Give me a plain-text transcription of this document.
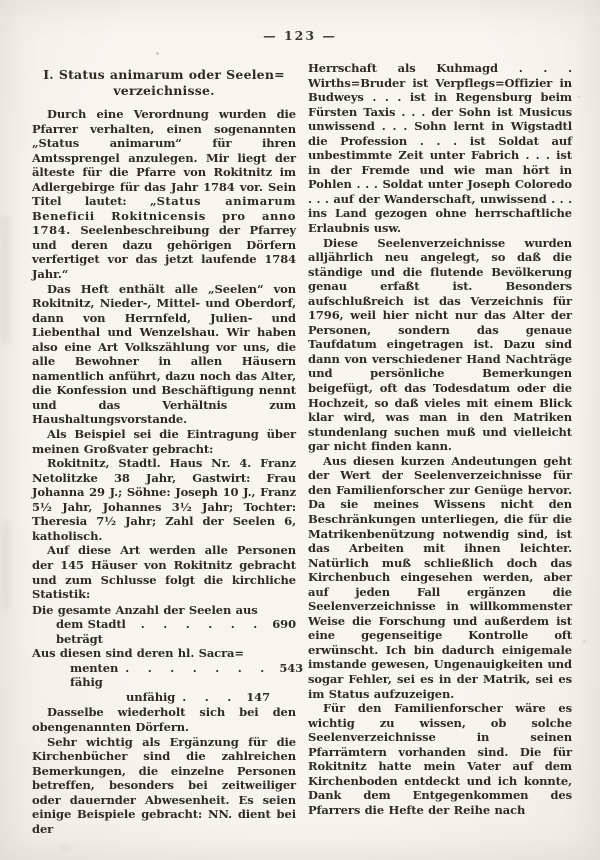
— 123 —
I. Status animarum oder Seelen=
verzeichnisse.

Durch eine Verordnung wurden die Pfarrer verhalten, einen sogenannten „Status animarum“ für ihren Amtssprengel anzulegen. Mir liegt der älteste für die Pfarre von Rokitnitz im Adlergebirge für das Jahr 1784 vor. Sein Titel lautet: „Status animarum Beneficii Rokitnicensis pro anno 1784. Seelenbeschreibung der Pfarrey und deren dazu gehörigen Dörfern verfertiget vor das jetzt laufende 1784 Jahr.“

Das Heft enthält alle „Seelen“ von Rokitnitz, Nieder-, Mittel- und Oberdorf, dann von Herrnfeld, Julien- und Liebenthal und Wenzelshau. Wir haben also eine Art Volkszählung vor uns, die alle Bewohner in allen Häusern namentlich anführt, dazu noch das Alter, die Konfession und Beschäftigung nennt und das Verhältnis zum Haushaltungsvorstande.

Als Beispiel sei die Eintragung über meinen Großvater gebracht:

Rokitnitz, Stadtl. Haus Nr. 4. Franz Netolitzke 38 Jahr, Gastwirt: Frau Johanna 29 J.; Söhne: Joseph 10 J., Franz 5½ Jahr, Johannes 3½ Jahr; Tochter: Theresia 7½ Jahr; Zahl der Seelen 6, katholisch.

Auf diese Art werden alle Personen der 145 Häuser von Rokitnitz gebracht und zum Schlusse folgt die kirchliche Statistik:

Die gesamte Anzahl der Seelen aus
dem Stadtl beträgt
. . . . . . 690
Aus diesen sind deren hl. Sacra=
menten fähig
. . . . . . . 543
unfähig . . . 147

Dasselbe wiederholt sich bei den obengenannten Dörfern.

Sehr wichtig als Ergänzung für die Kirchenbücher sind die zahlreichen Bemerkungen, die einzelne Personen betreffen, besonders bei zeitweiliger oder dauernder Abwesenheit. Es seien einige Beispiele gebracht: NN. dient bei der

Herrschaft als Kuhmagd . . . Wirths=Bruder ist Verpflegs=Offizier in Budweys . . . ist in Regensburg beim Fürsten Taxis . . . der Sohn ist Musicus unwissend . . . Sohn lernt in Wigstadtl die Profession . . . ist Soldat auf unbestimmte Zeit unter Fabrich . . . ist in der Fremde und wie man hört in Pohlen . . . Soldat unter Joseph Coloredo . . . auf der Wanderschaft, unwissend . . . ins Land gezogen ohne herrschaftliche Erlaubnis usw.

Diese Seelenverzeichnisse wurden alljährlich neu angelegt, so daß die ständige und die flutende Bevölkerung genau erfaßt ist. Besonders aufschlußreich ist das Verzeichnis für 1796, weil hier nicht nur das Alter der Personen, sondern das genaue Taufdatum eingetragen ist. Dazu sind dann von verschiedener Hand Nachträge und persönliche Bemerkungen beigefügt, oft das Todesdatum oder die Hochzeit, so daß vieles mit einem Blick klar wird, was man in den Matriken stundenlang suchen muß und vielleicht gar nicht finden kann.

Aus diesen kurzen Andeutungen geht der Wert der Seelenverzeichnisse für den Familienforscher zur Genüge hervor. Da sie meines Wissens nicht den Beschränkungen unterliegen, die für die Matrikenbenützung notwendig sind, ist das Arbeiten mit ihnen leichter. Natürlich muß schließlich doch das Kirchenbuch eingesehen werden, aber auf jeden Fall ergänzen die Seelenverzeichnisse in willkommenster Weise die Forschung und außerdem ist eine gegenseitige Kontrolle oft erwünscht. Ich bin dadurch einigemale imstande gewesen, Ungenauigkeiten und sogar Fehler, sei es in der Matrik, sei es im Status aufzuzeigen.

Für den Familienforscher wäre es wichtig zu wissen, ob solche Seelenverzeichnisse in seinen Pfarrämtern vorhanden sind. Die für Rokitnitz hatte mein Vater auf dem Kirchenboden entdeckt und ich konnte, Dank dem Entgegenkommen des Pfarrers die Hefte der Reihe nach
